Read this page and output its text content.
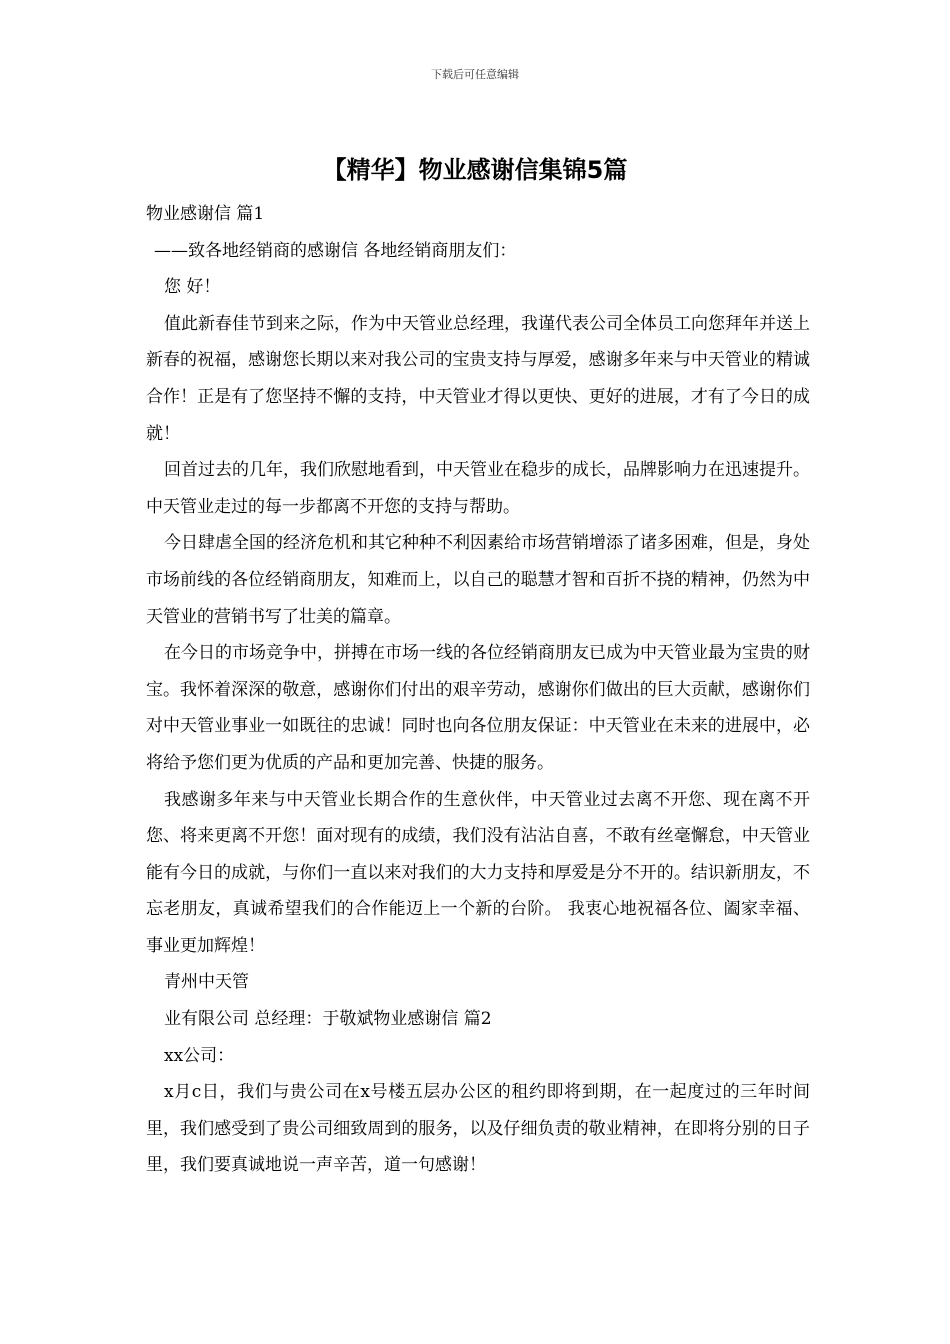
下载后可任意编辑
【精华】物业感谢信集锦5篇

物业感谢信 篇1

——致各地经销商的感谢信 各地经销商朋友们：

您 好！

值此新春佳节到来之际，作为中天管业总经理，我谨代表公司全体员工向您拜年并送上新春的祝福，感谢您长期以来对我公司的宝贵支持与厚爱，感谢多年来与中天管业的精诚合作！正是有了您坚持不懈的支持，中天管业才得以更快、更好的进展，才有了今日的成就！

回首过去的几年，我们欣慰地看到，中天管业在稳步的成长，品牌影响力在迅速提升。中天管业走过的每一步都离不开您的支持与帮助。

今日肆虐全国的经济危机和其它种种不利因素给市场营销增添了诸多困难，但是，身处市场前线的各位经销商朋友，知难而上，以自己的聪慧才智和百折不挠的精神，仍然为中天管业的营销书写了壮美的篇章。

在今日的市场竞争中，拼搏在市场一线的各位经销商朋友已成为中天管业最为宝贵的财宝。我怀着深深的敬意，感谢你们付出的艰辛劳动，感谢你们做出的巨大贡献，感谢你们对中天管业事业一如既往的忠诚！同时也向各位朋友保证：中天管业在未来的进展中，必将给予您们更为优质的产品和更加完善、快捷的服务。

我感谢多年来与中天管业长期合作的生意伙伴，中天管业过去离不开您、现在离不开您、将来更离不开您！面对现有的成绩，我们没有沾沾自喜，不敢有丝毫懈怠，中天管业能有今日的成就，与你们一直以来对我们的大力支持和厚爱是分不开的。结识新朋友，不忘老朋友，真诚希望我们的合作能迈上一个新的台阶。 我衷心地祝福各位、阖家幸福、事业更加辉煌！

青州中天管

业有限公司 总经理：于敬斌物业感谢信 篇2

xx公司：

x月c日，我们与贵公司在x号楼五层办公区的租约即将到期，在一起度过的三年时间里，我们感受到了贵公司细致周到的服务，以及仔细负责的敬业精神，在即将分别的日子里，我们要真诚地说一声辛苦，道一句感谢！
